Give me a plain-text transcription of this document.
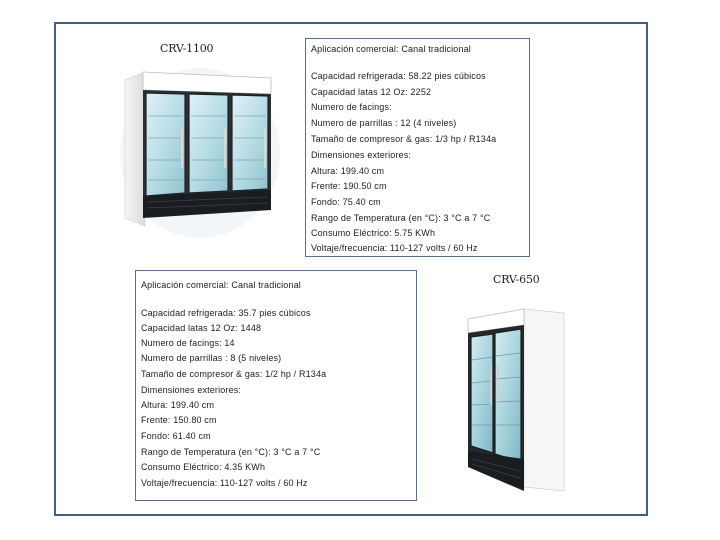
CRV-1100	Aplicación comercial: Canal tradicional
Capacidad refrigerada: 58.22 pies cúbicos
Capacidad latas 12 Oz: 2252
Numero de facings:
Numero de parrillas : 12 (4 niveles)
Tamaño de compresor & gas: 1/3 hp / R134a
Dimensiones exteriores:
Altura: 199.40 cm
Frente: 190.50 cm
Fondo: 75.40 cm
Rango de Temperatura (en °C): 3 °C a 7 °C
Consumo Eléctrico: 5.75 KWh
Voltaje/frecuencia: 110-127 volts / 60 Hz
Aplicación comercial: Canal tradicional
Capacidad refrigerada: 35.7 pies cúbicos
Capacidad latas 12 Oz: 1448
Numero de facings: 14
Numero de parrillas : 8 (5 niveles)
Tamaño de compresor & gas: 1/2 hp / R134a
Dimensiones exteriores:
Altura: 199.40 cm
Frente: 150.80 cm
Fondo: 61.40 cm
Rango de Temperatura (en °C): 3 °C a 7 °C
Consumo Eléctrico: 4.35 KWh
Voltaje/frecuencia: 110-127 volts / 60 Hz
CRV-650
